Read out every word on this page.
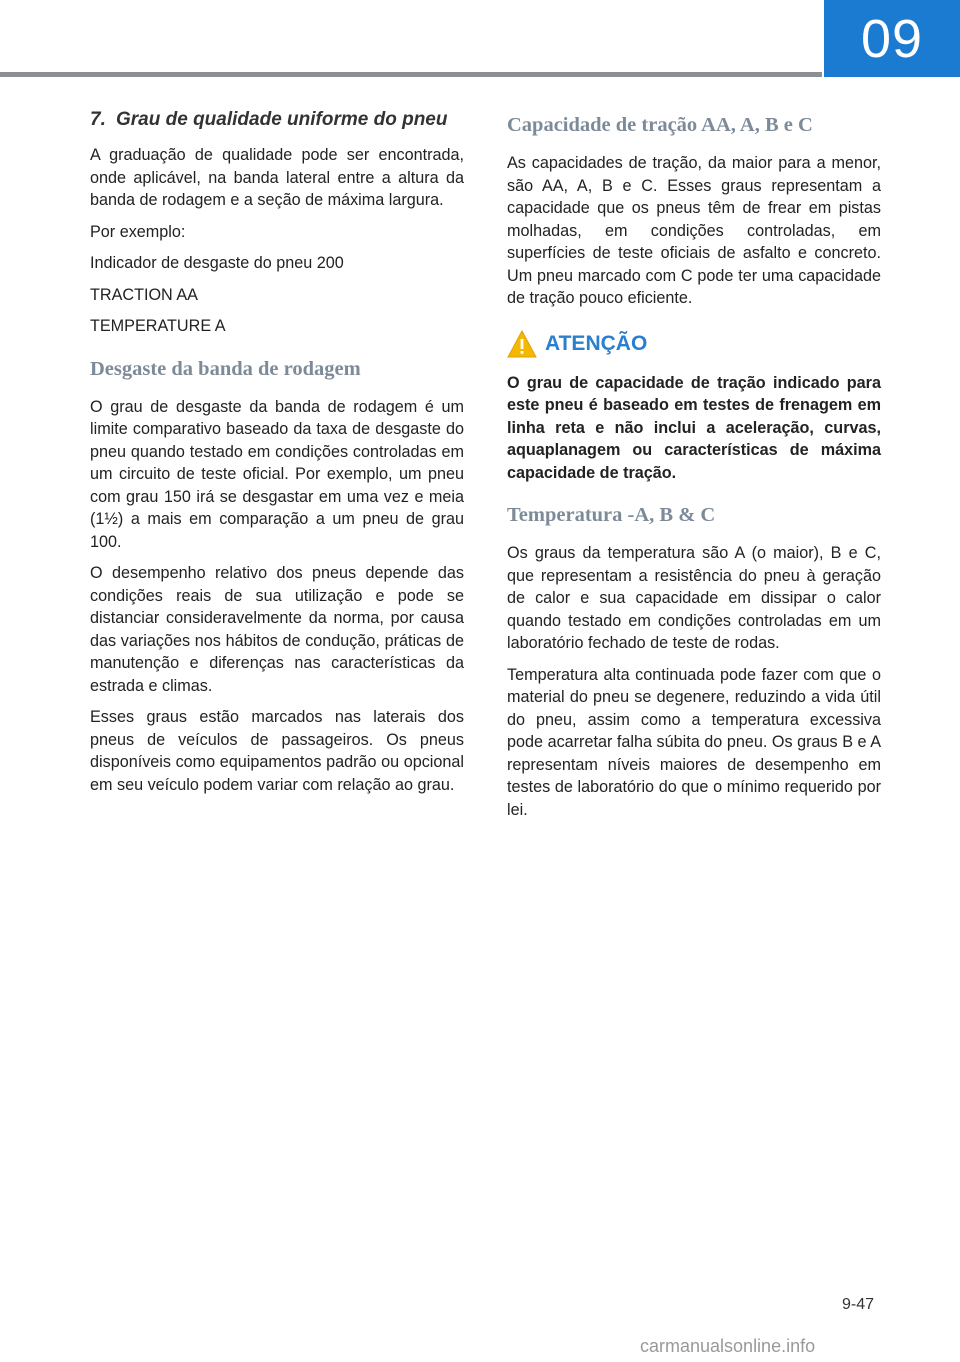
09
7. Grau de qualidade uniforme do pneu

A graduação de qualidade pode ser encontrada, onde aplicável, na banda lateral entre a altura da banda de rodagem e a seção de máxima largura.

Por exemplo:

Indicador de desgaste do pneu 200

TRACTION AA

TEMPERATURE A

Desgaste da banda de rodagem

O grau de desgaste da banda de rodagem é um limite comparativo baseado da taxa de desgaste do pneu quando testado em condições controladas em um circuito de teste oficial. Por exemplo, um pneu com grau 150 irá se desgastar em uma vez e meia (1½) a mais em comparação a um pneu de grau 100.

O desempenho relativo dos pneus depende das condições reais de sua utilização e pode se distanciar consideravelmente da norma, por causa das variações nos hábitos de condução, práticas de manutenção e diferenças nas características da estrada e climas.

Esses graus estão marcados nas laterais dos pneus de veículos de passageiros. Os pneus disponíveis como equipamentos padrão ou opcional em seu veículo podem variar com relação ao grau.

Capacidade de tração AA, A, B e C

As capacidades de tração, da maior para a menor, são AA, A, B e C. Esses graus representam a capacidade que os pneus têm de frear em pistas molhadas, em condições controladas, em superfícies de teste oficiais de asfalto e concreto. Um pneu marcado com C pode ter uma capacidade de tração pouco eficiente.

ATENÇÃO

O grau de capacidade de tração indicado para este pneu é baseado em testes de frenagem em linha reta e não inclui a aceleração, curvas, aquaplanagem ou características de máxima capacidade de tração.

Temperatura -A, B & C

Os graus da temperatura são A (o maior), B e C, que representam a resistência do pneu à geração de calor e sua capacidade em dissipar o calor quando testado em condições controladas em um laboratório fechado de teste de rodas.

Temperatura alta continuada pode fazer com que o material do pneu se degenere, reduzindo a vida útil do pneu, assim como a temperatura excessiva pode acarretar falha súbita do pneu. Os graus B e A representam níveis maiores de desempenho em testes de laboratório do que o mínimo requerido por lei.

9-47
carmanualsonline.info
